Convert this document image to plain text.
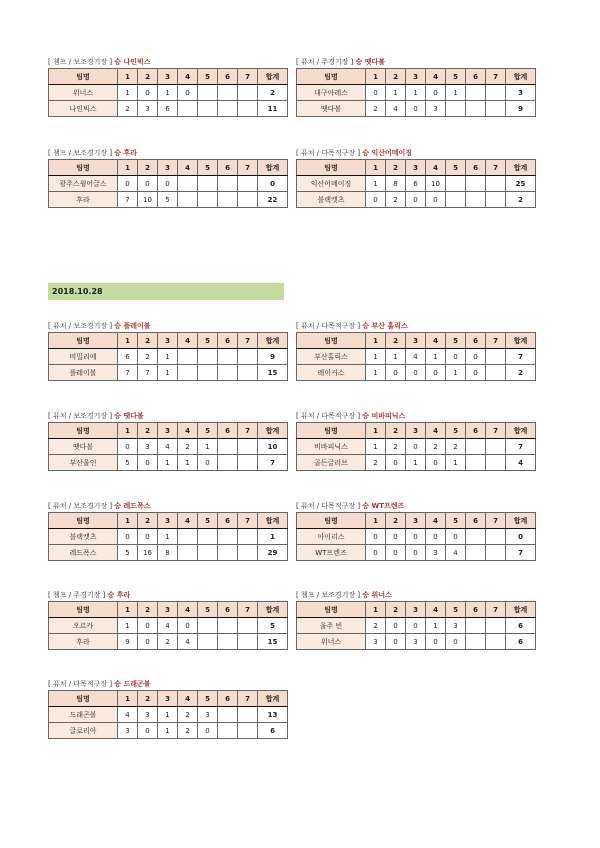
2018.10.28
[ 챔프 / 보조경기장 ] 승 나인빅스
팀명	1	2	3	4	5	6	7	합계
위너스	1	0	1	0				2
나인빅스	2	3	6					11
[ 퓨처 / 주경기장 ] 승 땟다볼
팀명	1	2	3	4	5	6	7	합계
대구아레스	0	1	1	0	1			3
땟다볼	2	4	0	3				9
[ 챔프 / 보조경기장 ] 승 후라
팀명	1	2	3	4	5	6	7	합계
광주스윙어글스	0	0	0					0
후라	7	10	5					22
[ 퓨처 / 다목적구장 ] 승 익산어메이징
팀명	1	2	3	4	5	6	7	합계
익산어메이징	1	8	6	10				25
블랙캣츠	0	2	0	0				2
[ 퓨처 / 보조경기장 ] 승 플레이볼
팀명	1	2	3	4	5	6	7	합계
비밀리에	6	2	1					9
플레이볼	7	7	1					15
[ 퓨처 / 다목적구장 ] 승 부산 홀릭스
팀명	1	2	3	4	5	6	7	합계
부산홀릭스	1	1	4	1	0	0		7
레이커스	1	0	0	0	1	0		2
[ 퓨처 / 보조경기장 ] 승 땟다볼
팀명	1	2	3	4	5	6	7	합계
땟다볼	0	3	4	2	1			10
부산울인	5	0	1	1	0			7
[ 퓨처 / 다목적구장 ] 승 비바피닉스
팀명	1	2	3	4	5	6	7	합계
비바피닉스	1	2	0	2	2			7
골든글러브	2	0	1	0	1			4
[ 퓨처 / 보조경기장 ] 승 레드폭스
팀명	1	2	3	4	5	6	7	합계
블랙캣츠	0	0	1					1
레드폭스	5	16	8					29
[ 퓨처 / 다목적구장 ] 승 WT프렌즈
팀명	1	2	3	4	5	6	7	합계
아이리스	0	0	0	0	0			0
WT프렌즈	0	0	0	3	4			7
[ 챔프 / 주경기장 ] 승 후라
팀명	1	2	3	4	5	6	7	합계
오르카	1	0	4	0				5
후라	9	0	2	4				15
[ 챔프 / 보조경기장 ] 승 위너스
팀명	1	2	3	4	5	6	7	합계
울주 빈	2	0	0	1	3			6
위너스	3	0	3	0	0			6
[ 퓨처 / 다목적구장 ] 승 드래곤볼
팀명	1	2	3	4	5	6	7	합계
드래곤볼	4	3	1	2	3			13
글로리아	3	0	1	2	0			6
